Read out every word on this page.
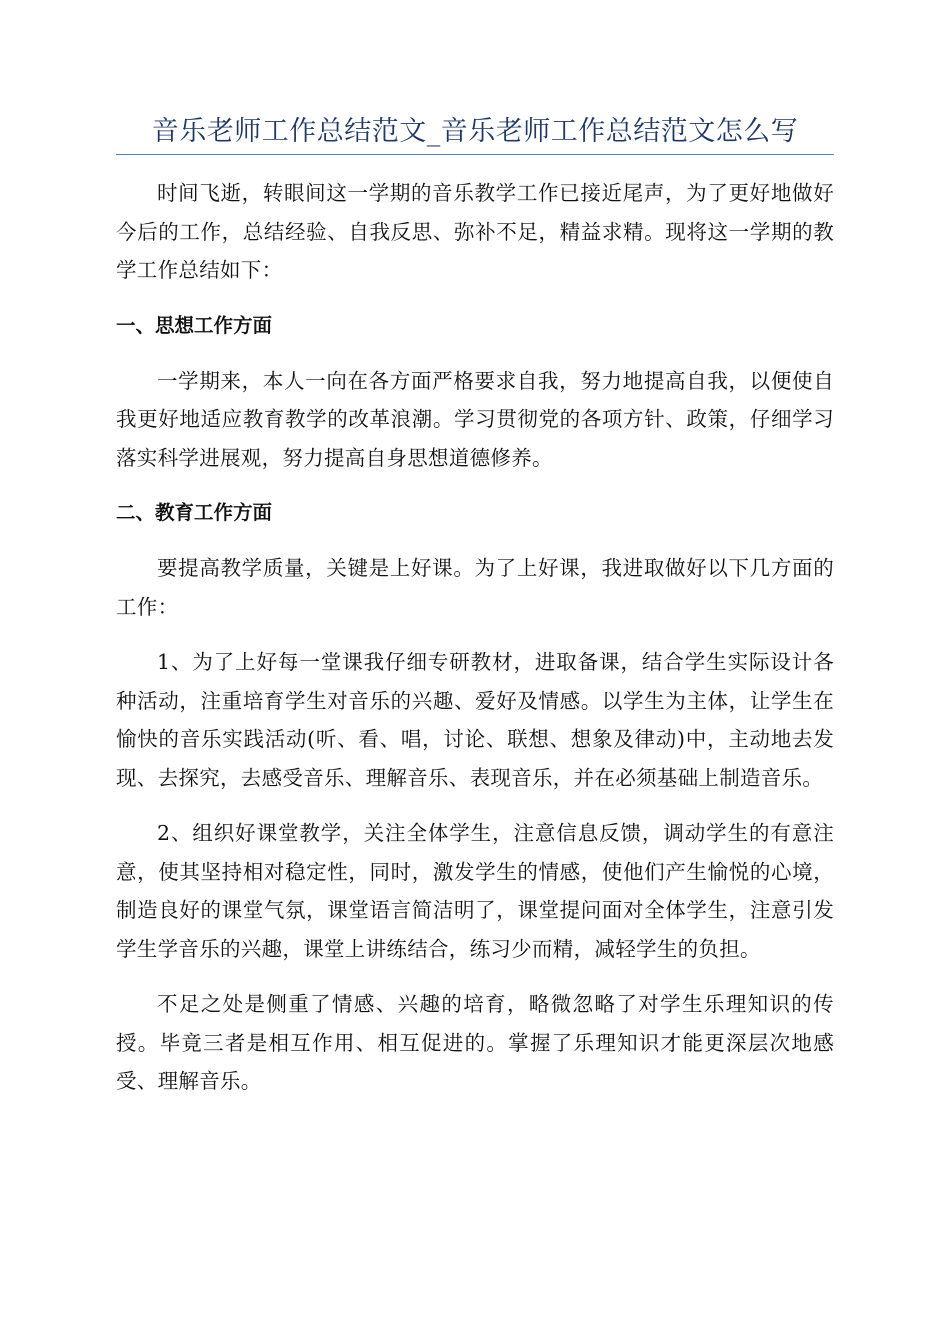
音乐老师工作总结范文_音乐老师工作总结范文怎么写

时间飞逝，转眼间这一学期的音乐教学工作已接近尾声，为了更好地做好今后的工作，总结经验、自我反思、弥补不足，精益求精。现将这一学期的教学工作总结如下：

一、思想工作方面

一学期来，本人一向在各方面严格要求自我，努力地提高自我，以便使自我更好地适应教育教学的改革浪潮。学习贯彻党的各项方针、政策，仔细学习落实科学进展观，努力提高自身思想道德修养。

二、教育工作方面

要提高教学质量，关键是上好课。为了上好课，我进取做好以下几方面的工作：

1、为了上好每一堂课我仔细专研教材，进取备课，结合学生实际设计各种活动，注重培育学生对音乐的兴趣、爱好及情感。以学生为主体，让学生在愉快的音乐实践活动(听、看、唱，讨论、联想、想象及律动)中，主动地去发现、去探究，去感受音乐、理解音乐、表现音乐，并在必须基础上制造音乐。

2、组织好课堂教学，关注全体学生，注意信息反馈，调动学生的有意注意，使其坚持相对稳定性，同时，激发学生的情感，使他们产生愉悦的心境，制造良好的课堂气氛，课堂语言简洁明了，课堂提问面对全体学生，注意引发学生学音乐的兴趣，课堂上讲练结合，练习少而精，减轻学生的负担。

不足之处是侧重了情感、兴趣的培育，略微忽略了对学生乐理知识的传授。毕竟三者是相互作用、相互促进的。掌握了乐理知识才能更深层次地感受、理解音乐。
